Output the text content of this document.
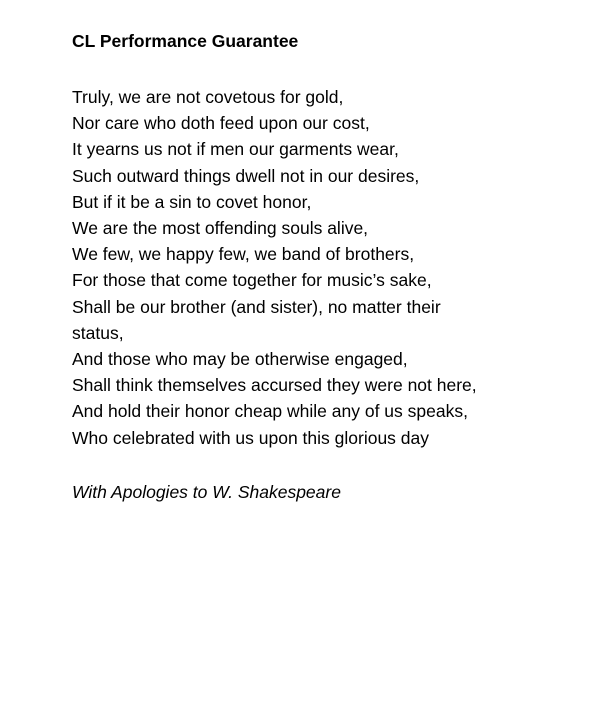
CL Performance Guarantee
Truly, we are not covetous for gold,
Nor care who doth feed upon our cost,
It yearns us not if men our garments wear,
Such outward things dwell not in our desires,
But if it be a sin to covet honor,
We are the most offending souls alive,
We few, we happy few, we band of brothers,
For those that come together for music’s sake,
Shall be our brother (and sister), no matter their
status,
And those who may be otherwise engaged,
Shall think themselves accursed they were not here,
And hold their honor cheap while any of us speaks,
Who celebrated with us upon this glorious day

With Apologies to W. Shakespeare
